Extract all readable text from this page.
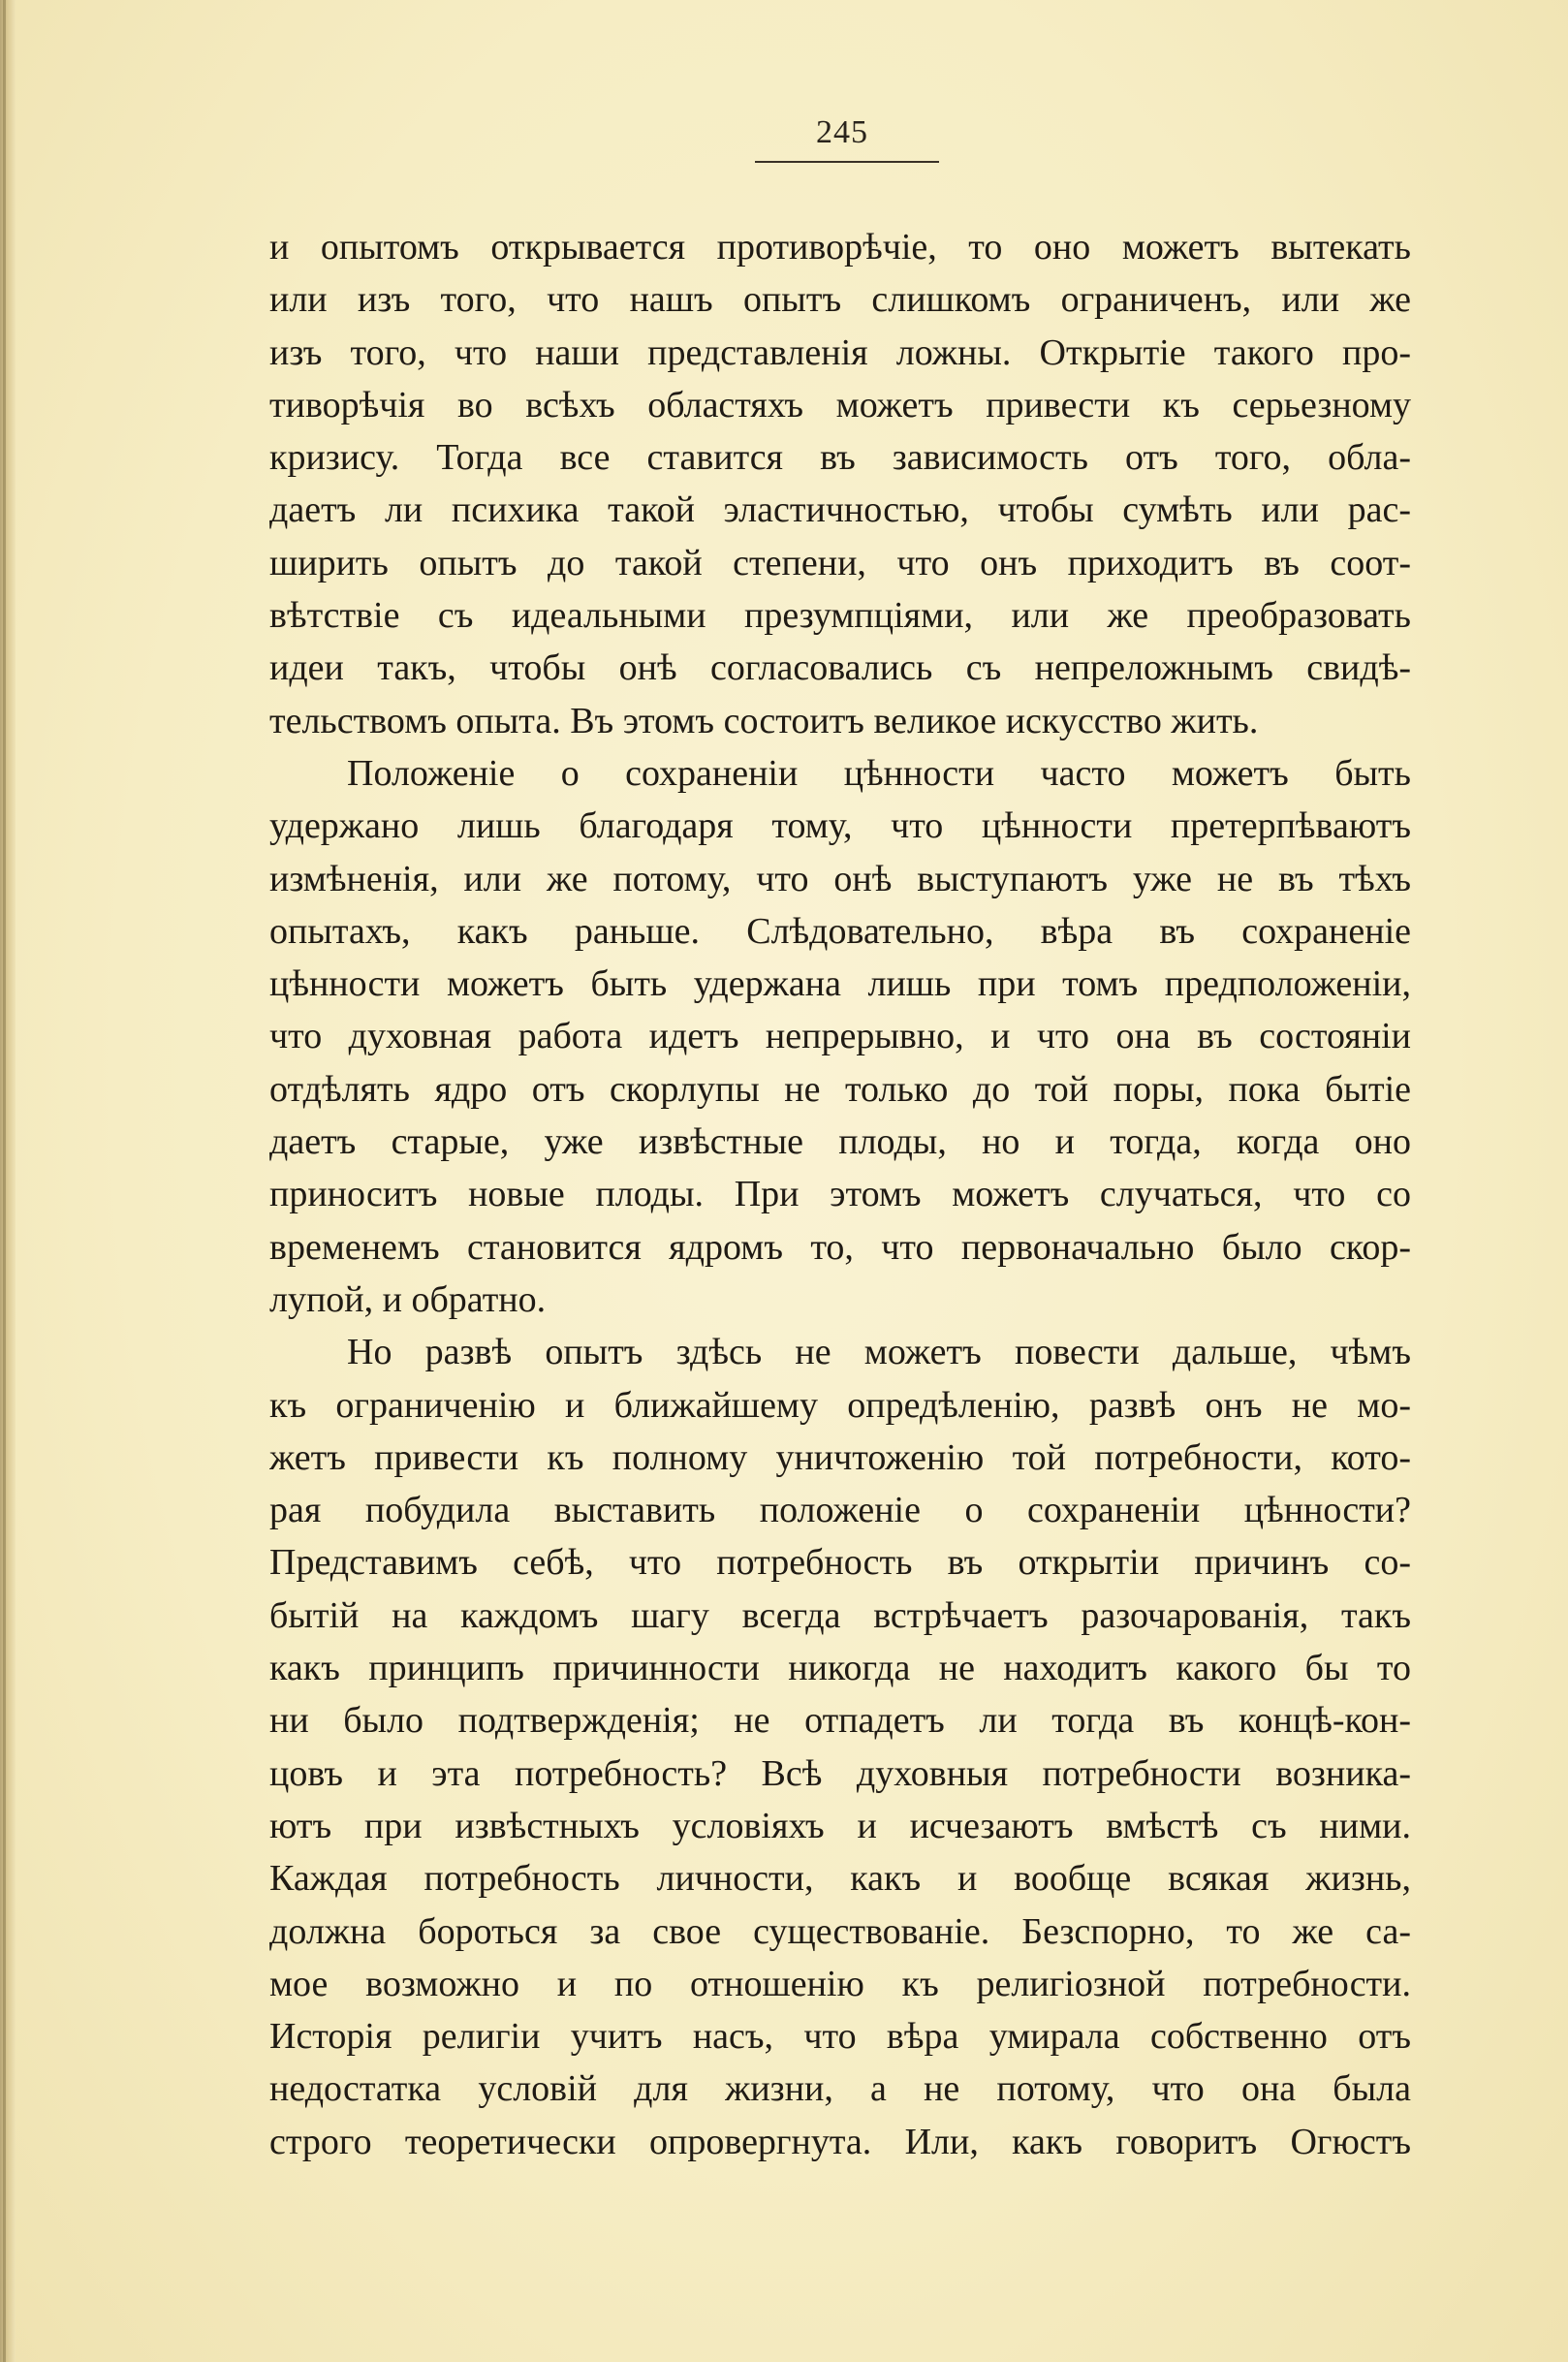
245
и опытомъ открывается противорѣчіе, то оно можетъ вытекать
или изъ того, что нашъ опытъ слишкомъ ограниченъ, или же
изъ того, что наши представленія ложны. Открытіе такого про-
тиворѣчія во всѣхъ областяхъ можетъ привести къ серьезному
кризису. Тогда все ставится въ зависимость отъ того, обла-
даетъ ли психика такой эластичностью, чтобы сумѣть или рас-
ширить опытъ до такой степени, что онъ приходитъ въ соот-
вѣтствіе съ идеальными презумпціями, или же преобразовать
идеи такъ, чтобы онѣ согласовались съ непреложнымъ свидѣ-
тельствомъ опыта. Въ этомъ состоитъ великое искусство жить.
Положеніе о сохраненіи цѣнности часто можетъ быть
удержано лишь благодаря тому, что цѣнности претерпѣваютъ
измѣненія, или же потому, что онѣ выступаютъ уже не въ тѣхъ
опытахъ, какъ раньше. Слѣдовательно, вѣра въ сохраненіе
цѣнности можетъ быть удержана лишь при томъ предположеніи,
что духовная работа идетъ непрерывно, и что она въ состояніи
отдѣлять ядро отъ скорлупы не только до той поры, пока бытіе
даетъ старые, уже извѣстные плоды, но и тогда, когда оно
приноситъ новые плоды. При этомъ можетъ случаться, что со
временемъ становится ядромъ то, что первоначально было скор-
лупой, и обратно.
Но развѣ опытъ здѣсь не можетъ повести дальше, чѣмъ
къ ограниченію и ближайшему опредѣленію, развѣ онъ не мо-
жетъ привести къ полному уничтоженію той потребности, кото-
рая побудила выставить положеніе о сохраненіи цѣнности?
Представимъ себѣ, что потребность въ открытіи причинъ со-
бытій на каждомъ шагу всегда встрѣчаетъ разочарованія, такъ
какъ принципъ причинности никогда не находитъ какого бы то
ни было подтвержденія; не отпадетъ ли тогда въ концѣ-кон-
цовъ и эта потребность? Всѣ духовныя потребности возника-
ютъ при извѣстныхъ условіяхъ и исчезаютъ вмѣстѣ съ ними.
Каждая потребность личности, какъ и вообще всякая жизнь,
должна бороться за свое существованіе. Безспорно, то же са-
мое возможно и по отношенію къ религіозной потребности.
Исторія религіи учитъ насъ, что вѣра умирала собственно отъ
недостатка условій для жизни, а не потому, что она была
строго теоретически опровергнута. Или, какъ говоритъ Огюстъ
